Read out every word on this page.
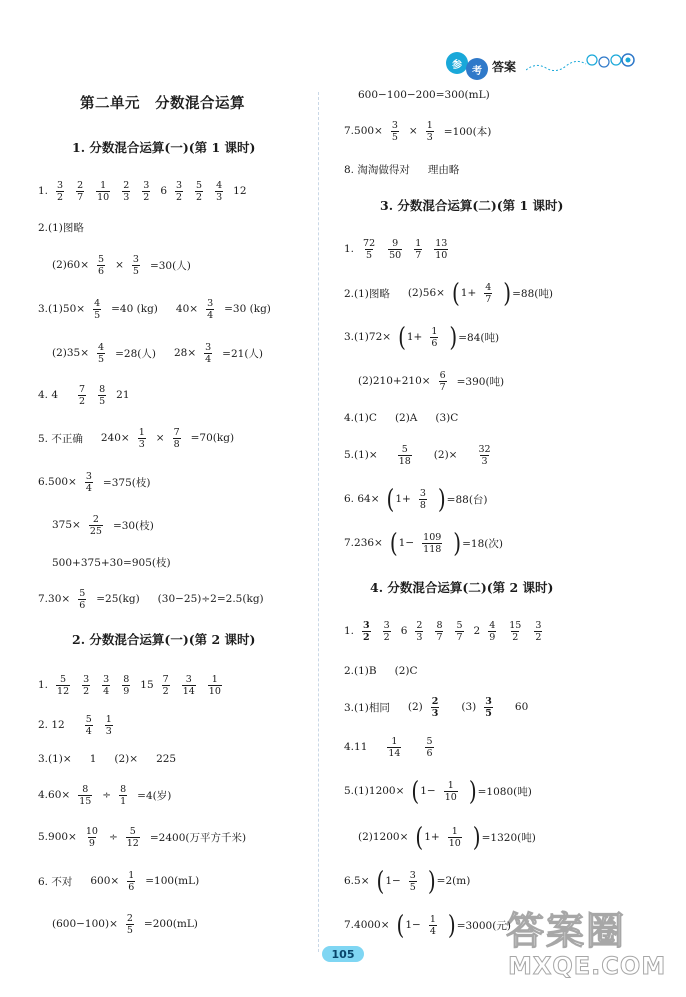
参
考 答案
第二单元　分数混合运算
1. 分数混合运算(一)(第 1 课时)
1. $\frac{3}{2} \frac{2}{7} \frac{1}{10} \frac{2}{3} \frac{3}{2} 6 \frac{3}{2} \frac{5}{2} \frac{4}{3} 12$
2.(1)图略
$(2)60\times \frac{5}{6} \times \frac{3}{5} =30$(人)
$3.(1)50\times \frac{4}{5} =40$ (kg) $40\times \frac{3}{4} =30$ (kg)
$(2)35\times \frac{4}{5} =28$(人) $28\times \frac{3}{4} =21$(人)
4. $4 \frac{7}{2} \frac{8}{5} 21$
5. 不正确 $240\times \frac{1}{3} \times \frac{7}{8} =70(kg)$
$6.500\times \frac{3}{4} =375$(枝)
$375\times \frac{2}{25} =30$(枝)
500+375+30=905(枝)
$7.30\times \frac{5}{6} =25(kg)$ (30−25)÷2=2.5(kg)
2. 分数混合运算(一)(第 2 课时)
1. $\frac{5}{12} \frac{3}{2} \frac{3}{4} \frac{8}{9} 15 \frac{7}{2} \frac{3}{14} \frac{1}{10}$
2. $12 \frac{5}{4} \frac{1}{3}$
3.(1)× 1 (2)× 225
$4.60\times \frac{8}{15} \div \frac{8}{1} =4$(岁)
$5.900\times \frac{10}{9} \div \frac{5}{12} =2400$(万平方千米)
6. 不对 $600\times \frac{1}{6} =100(mL)$
$(600-100)\times \frac{2}{5} =200(mL)$
600−100−200=300(mL)
$7.500\times \frac{3}{5} \times \frac{1}{3} =100$(本)
8. 淘淘做得对 理由略
3. 分数混合运算(二)(第 1 课时)
1. $\frac{72}{5} \frac{9}{50} \frac{1}{7} \frac{13}{10}$
2.(1)图略 (2)56× ( $1+ \frac{4}{7}$ ) =88(吨)
3.(1)72× ( $1+ \frac{1}{6}$ ) =84(吨)
$(2)210+210\times \frac{6}{7} =390$(吨)
4.(1)C (2)A (3)C
$5.(1)\times \frac{5}{18} (2)\times \frac{32}{3}$
6. 64× ( $1+ \frac{3}{8}$ ) =88(台)
7.236× ( $1- \frac{109}{118}$ ) =18(次)
4. 分数混合运算(二)(第 2 课时)
1. $\frac{3}{2} \frac{3}{2} 6 \frac{2}{3} \frac{8}{7} \frac{5}{7} 2 \frac{4}{9} \frac{15}{2} \frac{3}{2}$
2.(1)B (2)C
3.(1)相同 $(2) \frac{2}{3} (3) \frac{3}{5} 60$
$4.11 \frac{1}{14}$	$\frac{5}{6}$
5.(1)1200× ( $1- \frac{1}{10}$ ) =1080(吨)
(2)1200× ( $1+ \frac{1}{10}$ ) =1320(吨)
6.5× ( $1- \frac{3}{5}$ ) =2(m)
7.4000× ( $1- \frac{1}{4}$ ) =3000(元)
105
答案圈
MXQE.COM
